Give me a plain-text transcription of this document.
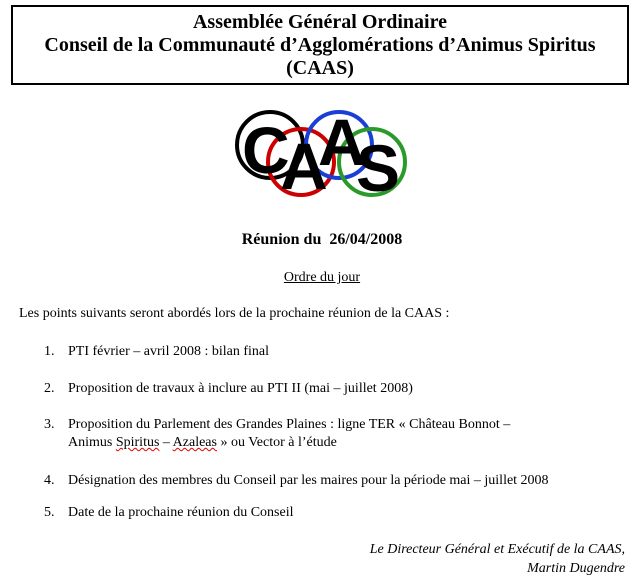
Assemblée Général Ordinaire
Conseil de la Communauté d’Agglomérations d’Animus Spiritus
(CAAS)
C
A
A
S
Réunion du  26/04/2008
Ordre du jour
Les points suivants seront abordés lors de la prochaine réunion de la CAAS :
1. PTI février – avril 2008 : bilan final
2. Proposition de travaux à inclure au PTI II (mai – juillet 2008)
3. Proposition du Parlement des Grandes Plaines : ligne TER « Château Bonnot –
Animus Spiritus – Azaleas » ou Vector à l’étude
4. Désignation des membres du Conseil par les maires pour la période mai – juillet 2008
5. Date de la prochaine réunion du Conseil
Le Directeur Général et Exécutif de la CAAS,
Martin Dugendre
